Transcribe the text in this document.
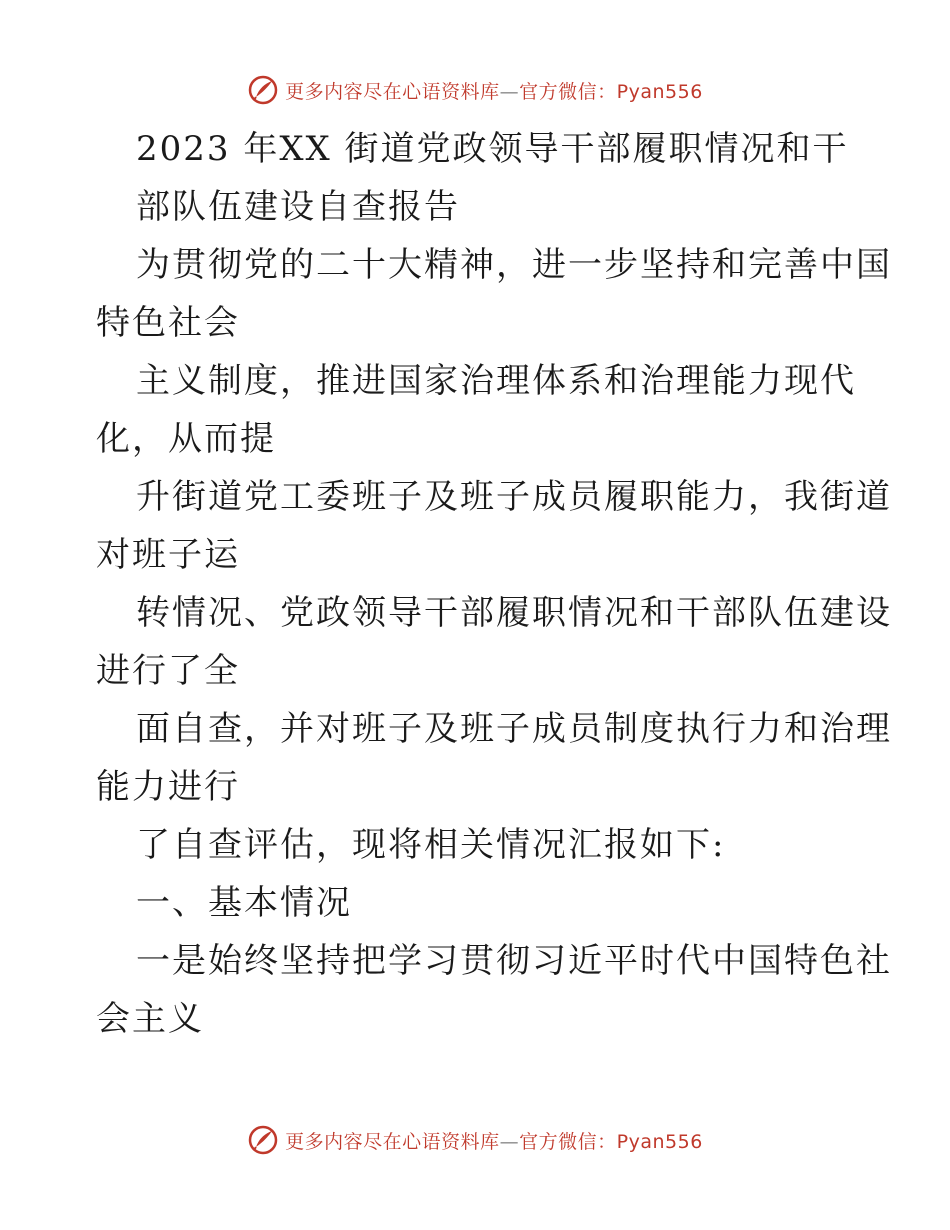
更多内容尽在心语资料库—官方微信：Pyan556
2023 年XX 街道党政领导干部履职情况和干
部队伍建设自查报告
为贯彻党的二十大精神，进一步坚持和完善中国
特色社会
主义制度，推进国家治理体系和治理能力现代
化，从而提
升街道党工委班子及班子成员履职能力，我街道
对班子运
转情况、党政领导干部履职情况和干部队伍建设
进行了全
面自查，并对班子及班子成员制度执行力和治理
能力进行
了自查评估，现将相关情况汇报如下:
一、基本情况
一是始终坚持把学习贯彻习近平时代中国特色社
会主义
更多内容尽在心语资料库—官方微信：Pyan556
